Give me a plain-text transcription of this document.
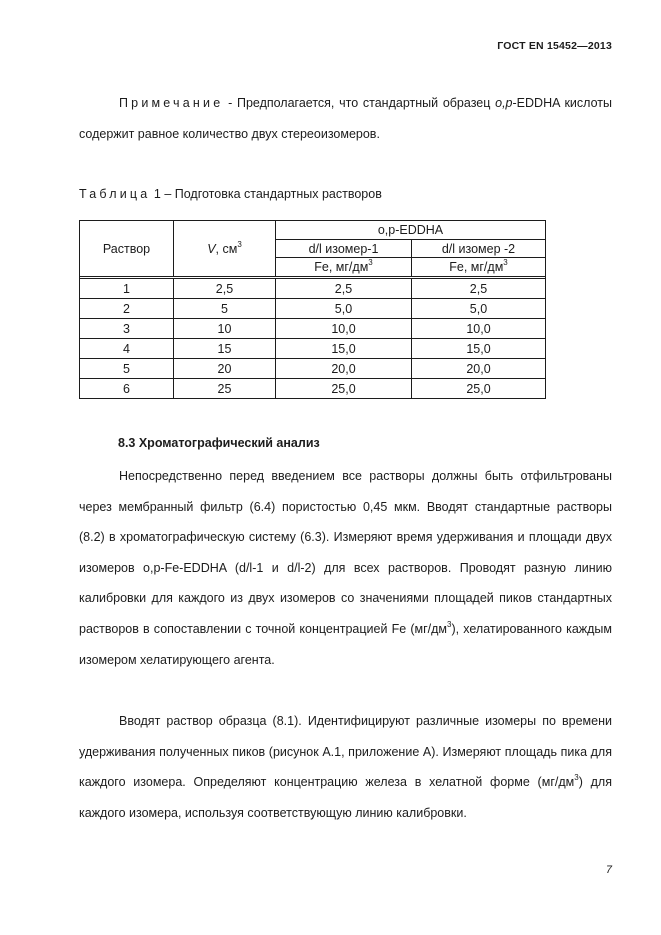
ГОСТ EN 15452—2013
Примечание - Предполагается, что стандартный образец o,p-EDDHA кислоты содержит равное количество двух стереоизомеров.
Таблица 1 – Подготовка стандартных растворов
Раствор	V, $см^3$	o,p-EDDHA	
		d/l изомер-1	d/l изомер -2
		Fe, $мг/дм^3$	Fe, $мг/дм^3$

1	2,5	2,5	2,5
2	5	5,0	5,0
3	10	10,0	10,0
4	15	15,0	15,0
5	20	20,0	20,0
6	25	25,0	25,0
8.3 Хроматографический анализ
Непосредственно перед введением все растворы должны быть отфильтрованы через мембранный фильтр (6.4) пористостью 0,45 мкм. Вводят стандартные растворы (8.2) в хроматографическую систему (6.3). Измеряют время удерживания и площади двух изомеров o,p-Fe-EDDHA (d/l-1 и d/l-2) для всех растворов. Проводят разную линию калибровки для каждого из двух изомеров со значениями площадей пиков стандартных растворов в сопоставлении с точной концентрацией Fe $(мг/дм^3)$, хелатированного каждым изомером хелатирующего агента.
Вводят раствор образца (8.1). Идентифицируют различные изомеры по времени удерживания полученных пиков (рисунок А.1, приложение А). Измеряют площадь пика для каждого изомера. Определяют концентрацию железа в хелатной форме $(мг/дм^3)$ для каждого изомера, используя соответствующую линию калибровки.
7
